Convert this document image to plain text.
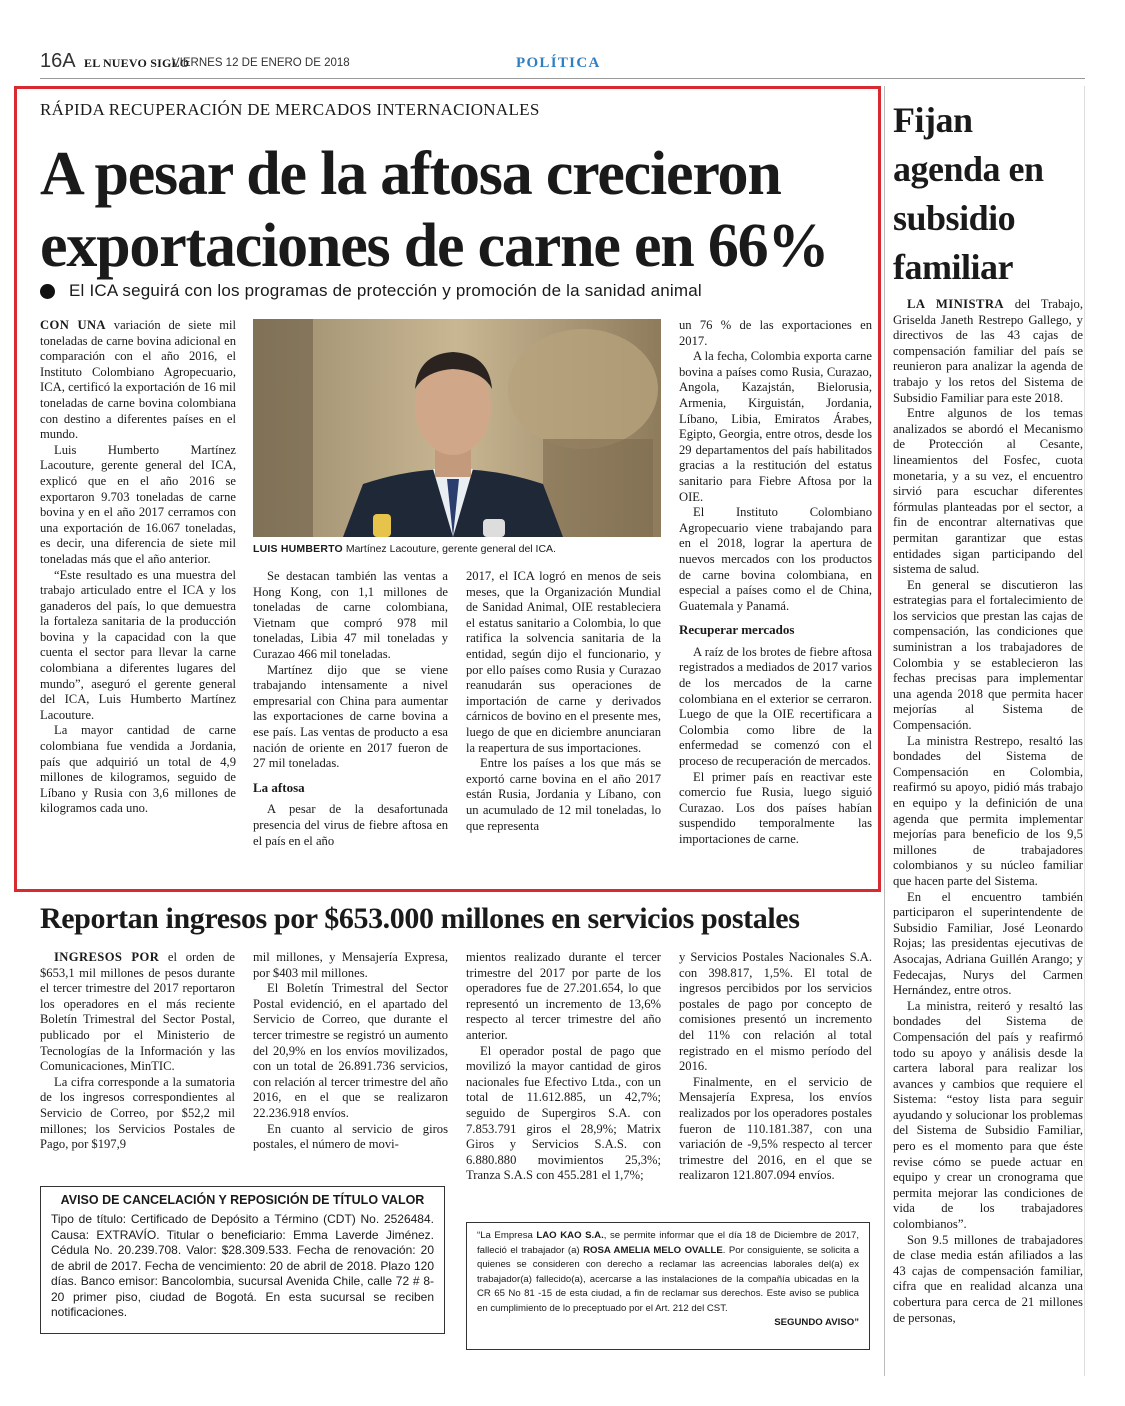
16A EL NUEVO SIGLO
VIERNES 12 DE ENERO DE 2018	POLÍTICA
RÁPIDA RECUPERACIÓN DE MERCADOS INTERNACIONALES
A pesar de la aftosa crecieron
exportaciones de carne en 66%
El ICA seguirá con los programas de protección y promoción de la sanidad animal

CON UNA variación de siete mil toneladas de carne bovina adicional en comparación con el año 2016, el Instituto Colombiano Agropecuario, ICA, certificó la exportación de 16 mil toneladas de carne bovina colombiana con destino a diferentes países en el mundo.

Luis Humberto Martínez Lacouture, gerente general del ICA, explicó que en el año 2016 se exportaron 9.703 toneladas de carne bovina y en el año 2017 cerramos con una exportación de 16.067 toneladas, es decir, una diferencia de siete mil toneladas más que el año anterior.

“Este resultado es una muestra del trabajo articulado entre el ICA y los ganaderos del país, lo que demuestra la fortaleza sanitaria de la producción bovina y la capacidad con la que cuenta el sector para llevar la carne colombiana a diferentes lugares del mundo”, aseguró el gerente general del ICA, Luis Humberto Martínez Lacouture.

La mayor cantidad de carne colombiana fue vendida a Jordania, país que adquirió un total de 4,9 millones de kilogramos, seguido de Líbano y Rusia con 3,6 millones de kilogramos cada uno.

LUIS HUMBERTO Martínez Lacouture, gerente general del ICA.

Se destacan también las ventas a Hong Kong, con 1,1 millones de toneladas de carne colombiana, Vietnam que compró 978 mil toneladas, Libia 47 mil toneladas y Curazao 466 mil toneladas.

Martínez dijo que se viene trabajando intensamente a nivel empresarial con China para aumentar las exportaciones de carne bovina a ese país. Las ventas de producto a esa nación de oriente en 2017 fueron de 27 mil toneladas.

La aftosa

A pesar de la desafortunada presencia del virus de fiebre aftosa en el país en el año

2017, el ICA logró en menos de seis meses, que la Organización Mundial de Sanidad Animal, OIE restableciera el estatus sanitario a Colombia, lo que ratifica la solvencia sanitaria de la entidad, según dijo el funcionario, y por ello países como Rusia y Curazao reanudarán sus operaciones de importación de carne y derivados cárnicos de bovino en el presente mes, luego de que en diciembre anunciaran la reapertura de sus importaciones.

Entre los países a los que más se exportó carne bovina en el año 2017 están Rusia, Jordania y Líbano, con un acumulado de 12 mil toneladas, lo que representa

un 76 % de las exportaciones en 2017.

A la fecha, Colombia exporta carne bovina a países como Rusia, Curazao, Angola, Kazajstán, Bielorusia, Armenia, Kirguistán, Jordania, Líbano, Libia, Emiratos Árabes, Egipto, Georgia, entre otros, desde los 29 departamentos del país habilitados gracias a la restitución del estatus sanitario para Fiebre Aftosa por la OIE.

El Instituto Colombiano Agropecuario viene trabajando para en el 2018, lograr la apertura de nuevos mercados con los productos de carne bovina colombiana, en especial a países como el de China, Guatemala y Panamá.

Recuperar mercados

A raíz de los brotes de fiebre aftosa registrados a mediados de 2017 varios de los mercados de la carne colombiana en el exterior se cerraron. Luego de que la OIE recertificara a Colombia como libre de la enfermedad se comenzó con el proceso de recuperación de mercados.

El primer país en reactivar este comercio fue Rusia, luego siguió Curazao. Los dos países habían suspendido temporalmente las importaciones de carne.

Fijan agenda en subsidio familiar

LA MINISTRA del Trabajo, Griselda Janeth Restrepo Gallego, y directivos de las 43 cajas de compensación familiar del país se reunieron para analizar la agenda de trabajo y los retos del Sistema de Subsidio Familiar para este 2018.

Entre algunos de los temas analizados se abordó el Mecanismo de Protección al Cesante, lineamientos del Fosfec, cuota monetaria, y a su vez, el encuentro sirvió para escuchar diferentes fórmulas planteadas por el sector, a fin de encontrar alternativas que permitan garantizar que estas entidades sigan participando del sistema de salud.

En general se discutieron las estrategias para el fortalecimiento de los servicios que prestan las cajas de compensación, las condiciones que suministran a los trabajadores de Colombia y se establecieron las fechas precisas para implementar una agenda 2018 que permita hacer mejorías al Sistema de Compensación.

La ministra Restrepo, resaltó las bondades del Sistema de Compensación en Colombia, reafirmó su apoyo, pidió más trabajo en equipo y la definición de una agenda que permita implementar mejorías para beneficio de los 9,5 millones de trabajadores colombianos y su núcleo familiar que hacen parte del Sistema.

En el encuentro también participaron el superintendente de Subsidio Familiar, José Leonardo Rojas; las presidentas ejecutivas de Asocajas, Adriana Guillén Arango; y Fedecajas, Nurys del Carmen Hernández, entre otros.

La ministra, reiteró y resaltó las bondades del Sistema de Compensación del país y reafirmó todo su apoyo y análisis desde la cartera laboral para realizar los avances y cambios que requiere el Sistema: “estoy lista para seguir ayudando y solucionar los problemas del Sistema de Subsidio Familiar, pero es el momento para que éste revise cómo se puede actuar en equipo y crear un cronograma que permita mejorar las condiciones de vida de los trabajadores colombianos”.

Son 9.5 millones de trabajadores de clase media están afiliados a las 43 cajas de compensación familiar, cifra que en realidad alcanza una cobertura para cerca de 21 millones de personas,

Reportan ingresos por $653.000 millones en servicios postales

INGRESOS POR el orden de $653,1 mil millones de pesos durante el tercer trimestre del 2017 reportaron los operadores en el más reciente Boletín Trimestral del Sector Postal, publicado por el Ministerio de Tecnologías de la Información y las Comunicaciones, MinTIC.

La cifra corresponde a la sumatoria de los ingresos correspondientes al Servicio de Correo, por $52,2 mil millones; los Servicios Postales de Pago, por $197,9

mil millones, y Mensajería Expresa, por $403 mil millones.

El Boletín Trimestral del Sector Postal evidenció, en el apartado del Servicio de Correo, que durante el tercer trimestre se registró un aumento del 20,9% en los envíos movilizados, con un total de 26.891.736 servicios, con relación al tercer trimestre del año 2016, en el que se realizaron 22.236.918 envíos.

En cuanto al servicio de giros postales, el número de movi-

mientos realizado durante el tercer trimestre del 2017 por parte de los operadores fue de 27.201.654, lo que representó un incremento de 13,6% respecto al tercer trimestre del año anterior.

El operador postal de pago que movilizó la mayor cantidad de giros nacionales fue Efectivo Ltda., con un total de 11.612.885, un 42,7%; seguido de Supergiros S.A. con 7.853.791 giros el 28,9%; Matrix Giros y Servicios S.A.S. con 6.880.880 movimientos 25,3%; Tranza S.A.S con 455.281 el 1,7%;

y Servicios Postales Nacionales S.A. con 398.817, 1,5%. El total de ingresos percibidos por los servicios postales de pago por concepto de comisiones presentó un incremento del 11% con relación al total registrado en el mismo período del 2016.

Finalmente, en el servicio de Mensajería Expresa, los envíos realizados por los operadores postales fueron de 110.181.387, con una variación de -9,5% respecto al tercer trimestre del 2016, en el que se realizaron 121.807.094 envíos.

AVISO DE CANCELACIÓN Y REPOSICIÓN DE TÍTULO VALOR
Tipo de título: Certificado de Depósito a Término (CDT) No. 2526484. Causa: EXTRAVÍO. Titular o beneficiario: Emma Laverde Jiménez. Cédula No. 20.239.708. Valor: $28.309.533. Fecha de renovación: 20 de abril de 2017. Fecha de vencimiento: 20 de abril de 2018. Plazo 120 días. Banco emisor: Bancolombia, sucursal Avenida Chile, calle 72 # 8-20 primer piso, ciudad de Bogotá. En esta sucursal se reciben notificaciones.
“La Empresa LAO KAO S.A., se permite informar que el día 18 de Diciembre de 2017, falleció el trabajador (a) ROSA AMELIA MELO OVALLE. Por consiguiente, se solicita a quienes se consideren con derecho a reclamar las acreencias laborales del(a) ex trabajador(a) fallecido(a), acercarse a las instalaciones de la compañía ubicadas en la CR 65 No 81 -15 de esta ciudad, a fin de reclamar sus derechos. Este aviso se publica en cumplimiento de lo preceptuado por el Art. 212 del CST.
SEGUNDO AVISO”
